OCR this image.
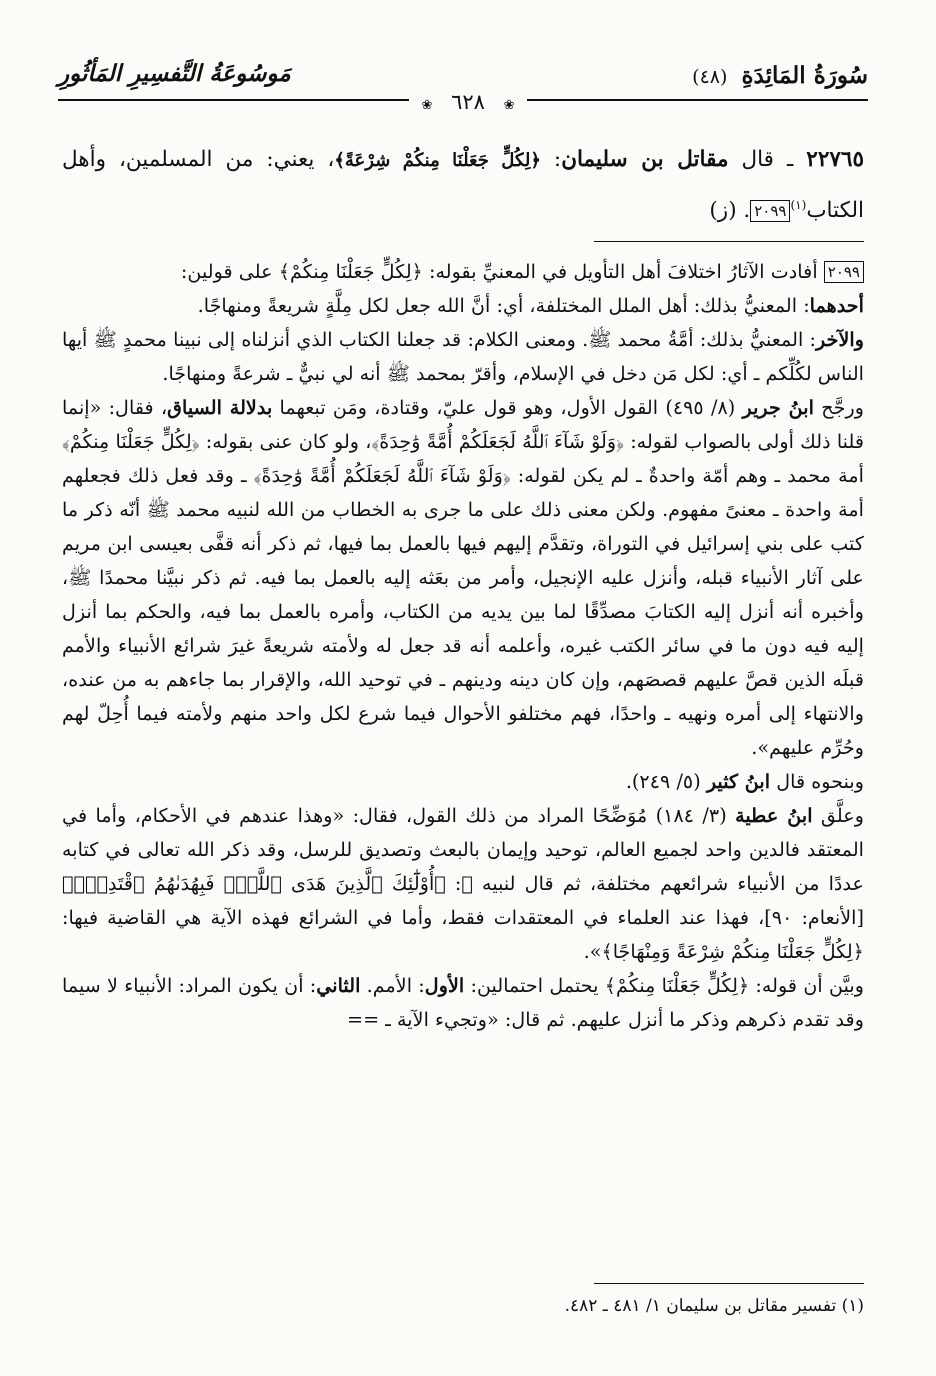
سُورَةُ المَائِدَةِ (٤٨)
مَوسُوعَةُ التَّفسِيرِ المَأثُورِ
❀ ٦٢٨ ❀
٢٢٧٦٥ ـ قال مقاتل بن سليمان: ﴿لِكُلٍّ جَعَلْنَا مِنكُمْ شِرْعَةً﴾، يعني: من المسلمين، وأهل الكتاب$^{(١)}$٢٠٩٩. (ز)

٢٠٩٩ أفادت الآثارُ اختلافَ أهل التأويل في المعنيِّ بقوله: ﴿لِكُلٍّ جَعَلْنَا مِنكُمْ﴾ على قولين:

أحدهما: المعنيُّ بذلك: أهل الملل المختلفة، أي: أنَّ الله جعل لكل مِلَّةٍ شريعةً ومنهاجًا.

والآخر: المعنيُّ بذلك: أمَّةُ محمد ﷺ. ومعنى الكلام: قد جعلنا الكتاب الذي أنزلناه إلى نبينا محمدٍ ﷺ أيها الناس لكُلِّكم ـ أي: لكل مَن دخل في الإسلام، وأقرّ بمحمد ﷺ أنه لي نبيٌّ ـ شرعةً ومنهاجًا.

ورجَّح ابنُ جرير (٨/ ٤٩٥) القول الأول، وهو قول عليّ، وقتادة، ومَن تبعهما بدلالة السياق، فقال: «إنما قلنا ذلك أولى بالصواب لقوله: ﴿وَلَوْ شَآءَ ٱللَّهُ لَجَعَلَكُمْ أُمَّةً وَٰحِدَةً﴾، ولو كان عنى بقوله: ﴿لِكُلٍّ جَعَلْنَا مِنكُمْ﴾ أمة محمد ـ وهم أمّة واحدةٌ ـ لم يكن لقوله: ﴿وَلَوْ شَآءَ ٱللَّهُ لَجَعَلَكُمْ أُمَّةً وَٰحِدَةً﴾ ـ وقد فعل ذلك فجعلهم أمة واحدة ـ معنىً مفهوم. ولكن معنى ذلك على ما جرى به الخطاب من الله لنبيه محمد ﷺ أنّه ذكر ما كتب على بني إسرائيل في التوراة، وتقدَّم إليهم فيها بالعمل بما فيها، ثم ذكر أنه قفَّى بعيسى ابن مريم على آثار الأنبياء قبله، وأنزل عليه الإنجيل، وأمر من بعَثه إليه بالعمل بما فيه. ثم ذكر نبيَّنا محمدًا ﷺ، وأخبره أنه أنزل إليه الكتابَ مصدِّقًا لما بين يديه من الكتاب، وأمره بالعمل بما فيه، والحكم بما أنزل إليه فيه دون ما في سائر الكتب غيره، وأعلمه أنه قد جعل له ولأمته شريعةً غيرَ شرائع الأنبياء والأمم قبلَه الذين قصَّ عليهم قصصَهم، وإن كان دينه ودينهم ـ في توحيد الله، والإقرار بما جاءهم به من عنده، والانتهاء إلى أمره ونهيه ـ واحدًا، فهم مختلفو الأحوال فيما شرع لكل واحد منهم ولأمته فيما أُحِلّ لهم وحُرِّم عليهم».

وبنحوه قال ابنُ كثير (٥/ ٢٤٩).

وعلَّق ابنُ عطية (٣/ ١٨٤) مُوَضِّحًا المراد من ذلك القول، فقال: «وهذا عندهم في الأحكام، وأما في المعتقد فالدين واحد لجميع العالم، توحيد وإيمان بالبعث وتصديق للرسل، وقد ذكر الله تعالى في كتابه عددًا من الأنبياء شرائعهم مختلفة، ثم قال لنبيه ﷺ: ﴿أُوْلَٰٓئِكَ ٱلَّذِينَ هَدَى ٱللَّهُۖ فَبِهُدَىٰهُمُ ٱقْتَدِهْۗ﴾ [الأنعام: ٩٠]، فهذا عند العلماء في المعتقدات فقط، وأما في الشرائع فهذه الآية هي القاضية فيها: ﴿لِكُلٍّ جَعَلْنَا مِنكُمْ شِرْعَةً وَمِنْهَاجًا﴾».

وبيَّن أن قوله: ﴿لِكُلٍّ جَعَلْنَا مِنكُمْ﴾ يحتمل احتمالين: الأول: الأمم. الثاني: أن يكون المراد: الأنبياء لا سيما وقد تقدم ذكرهم وذكر ما أنزل عليهم. ثم قال: «وتجيء الآية ـ ==

(١) تفسير مقاتل بن سليمان ١/ ٤٨١ ـ ٤٨٢.
